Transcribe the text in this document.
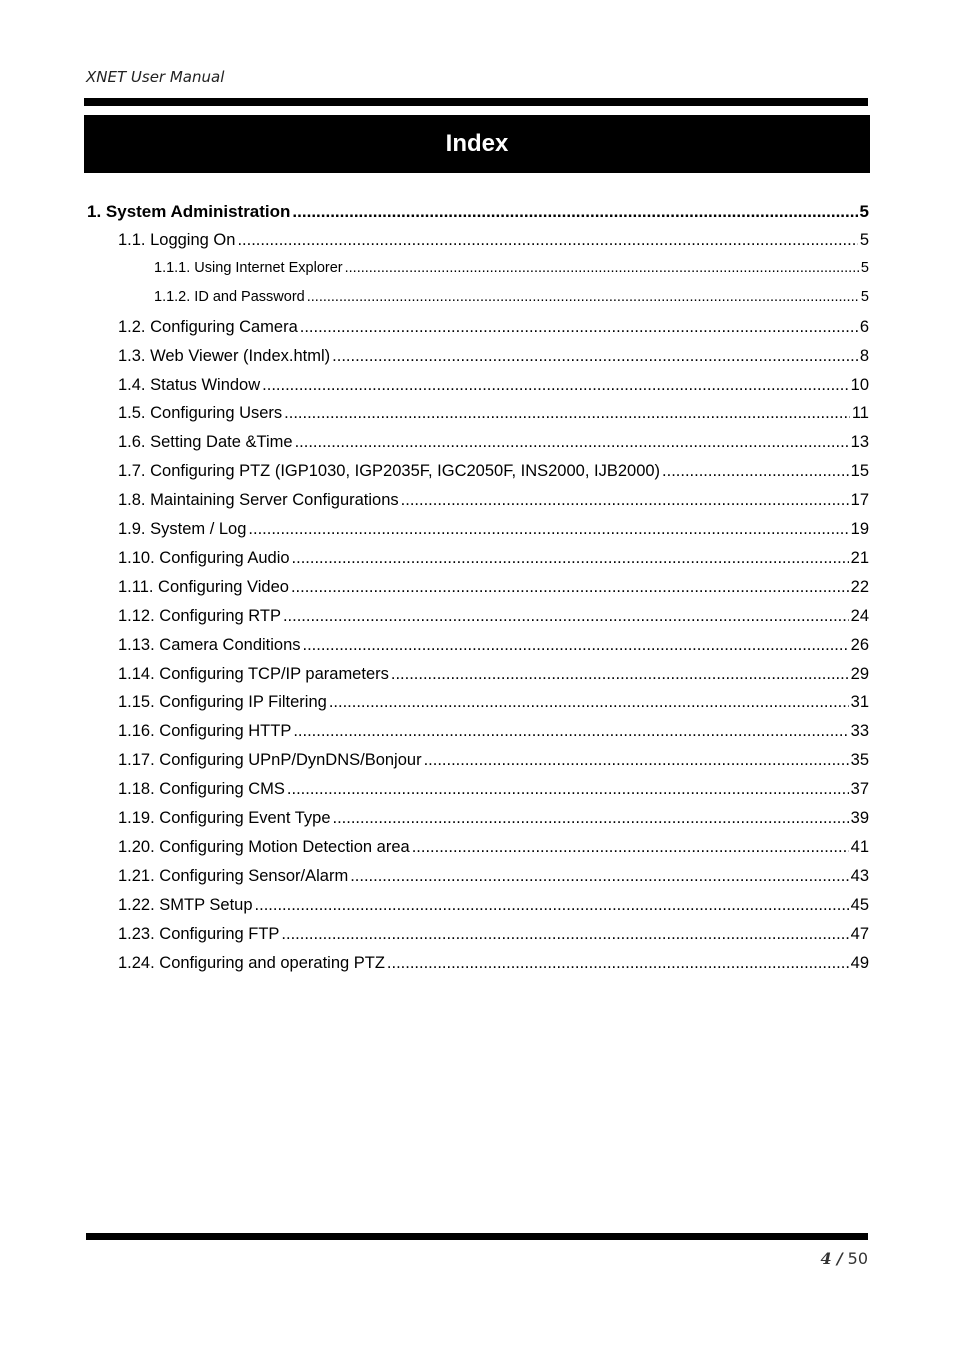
XNET User Manual
Index
1. System Administration .....	5
1.1. Logging On .....	5
1.1.1. Using Internet Explorer .....	5
1.1.2. ID and Password .....	5
1.2. Configuring Camera .....	6
1.3. Web Viewer (Index.html) .....	8
1.4. Status Window .....	10
1.5. Configuring Users .....	11
1.6. Setting Date &Time .....	13
1.7. Configuring PTZ (IGP1030, IGP2035F, IGC2050F, INS2000, IJB2000) .....	15
1.8. Maintaining Server Configurations .....	17
1.9. System / Log .....	19
1.10. Configuring Audio .....	21
1.11. Configuring Video .....	22
1.12. Configuring RTP .....	24
1.13. Camera Conditions .....	26
1.14. Configuring TCP/IP parameters .....	29
1.15. Configuring IP Filtering .....	31
1.16. Configuring HTTP .....	33
1.17. Configuring UPnP/DynDNS/Bonjour .....	35
1.18. Configuring CMS .....	37
1.19. Configuring Event Type .....	39
1.20. Configuring Motion Detection area .....	41
1.21. Configuring Sensor/Alarm .....	43
1.22. SMTP Setup .....	45
1.23. Configuring FTP .....	47
1.24. Configuring and operating PTZ .....	49
4 / 50
